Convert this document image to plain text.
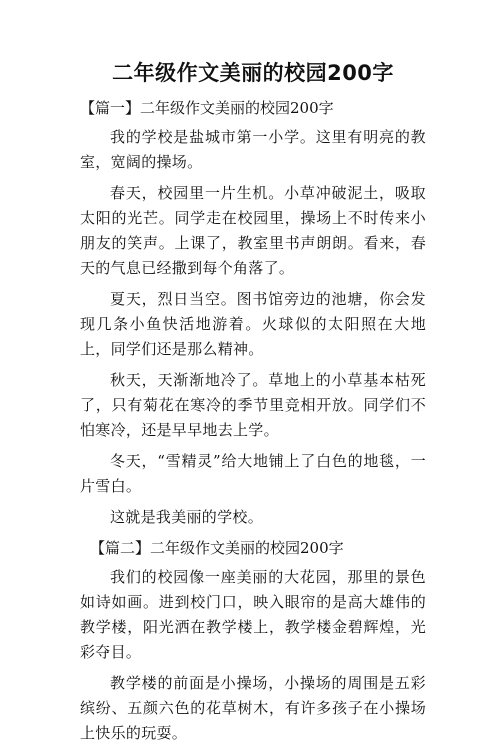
二年级作文美丽的校园200字
【篇一】二年级作文美丽的校园200字

我的学校是盐城市第一小学。这里有明亮的教室，宽阔的操场。

春天，校园里一片生机。小草冲破泥土，吸取太阳的光芒。同学走在校园里，操场上不时传来小朋友的笑声。上课了，教室里书声朗朗。看来，春天的气息已经撒到每个角落了。

夏天，烈日当空。图书馆旁边的池塘，你会发现几条小鱼快活地游着。火球似的太阳照在大地上，同学们还是那么精神。

秋天，天渐渐地冷了。草地上的小草基本枯死了，只有菊花在寒冷的季节里竞相开放。同学们不怕寒冷，还是早早地去上学。

冬天，“雪精灵”给大地铺上了白色的地毯，一片雪白。

这就是我美丽的学校。

【篇二】二年级作文美丽的校园200字

我们的校园像一座美丽的大花园，那里的景色如诗如画。进到校门口，映入眼帘的是高大雄伟的教学楼，阳光洒在教学楼上，教学楼金碧辉煌，光彩夺目。

教学楼的前面是小操场，小操场的周围是五彩缤纷、五颜六色的花草树木，有许多孩子在小操场上快乐的玩耍。
